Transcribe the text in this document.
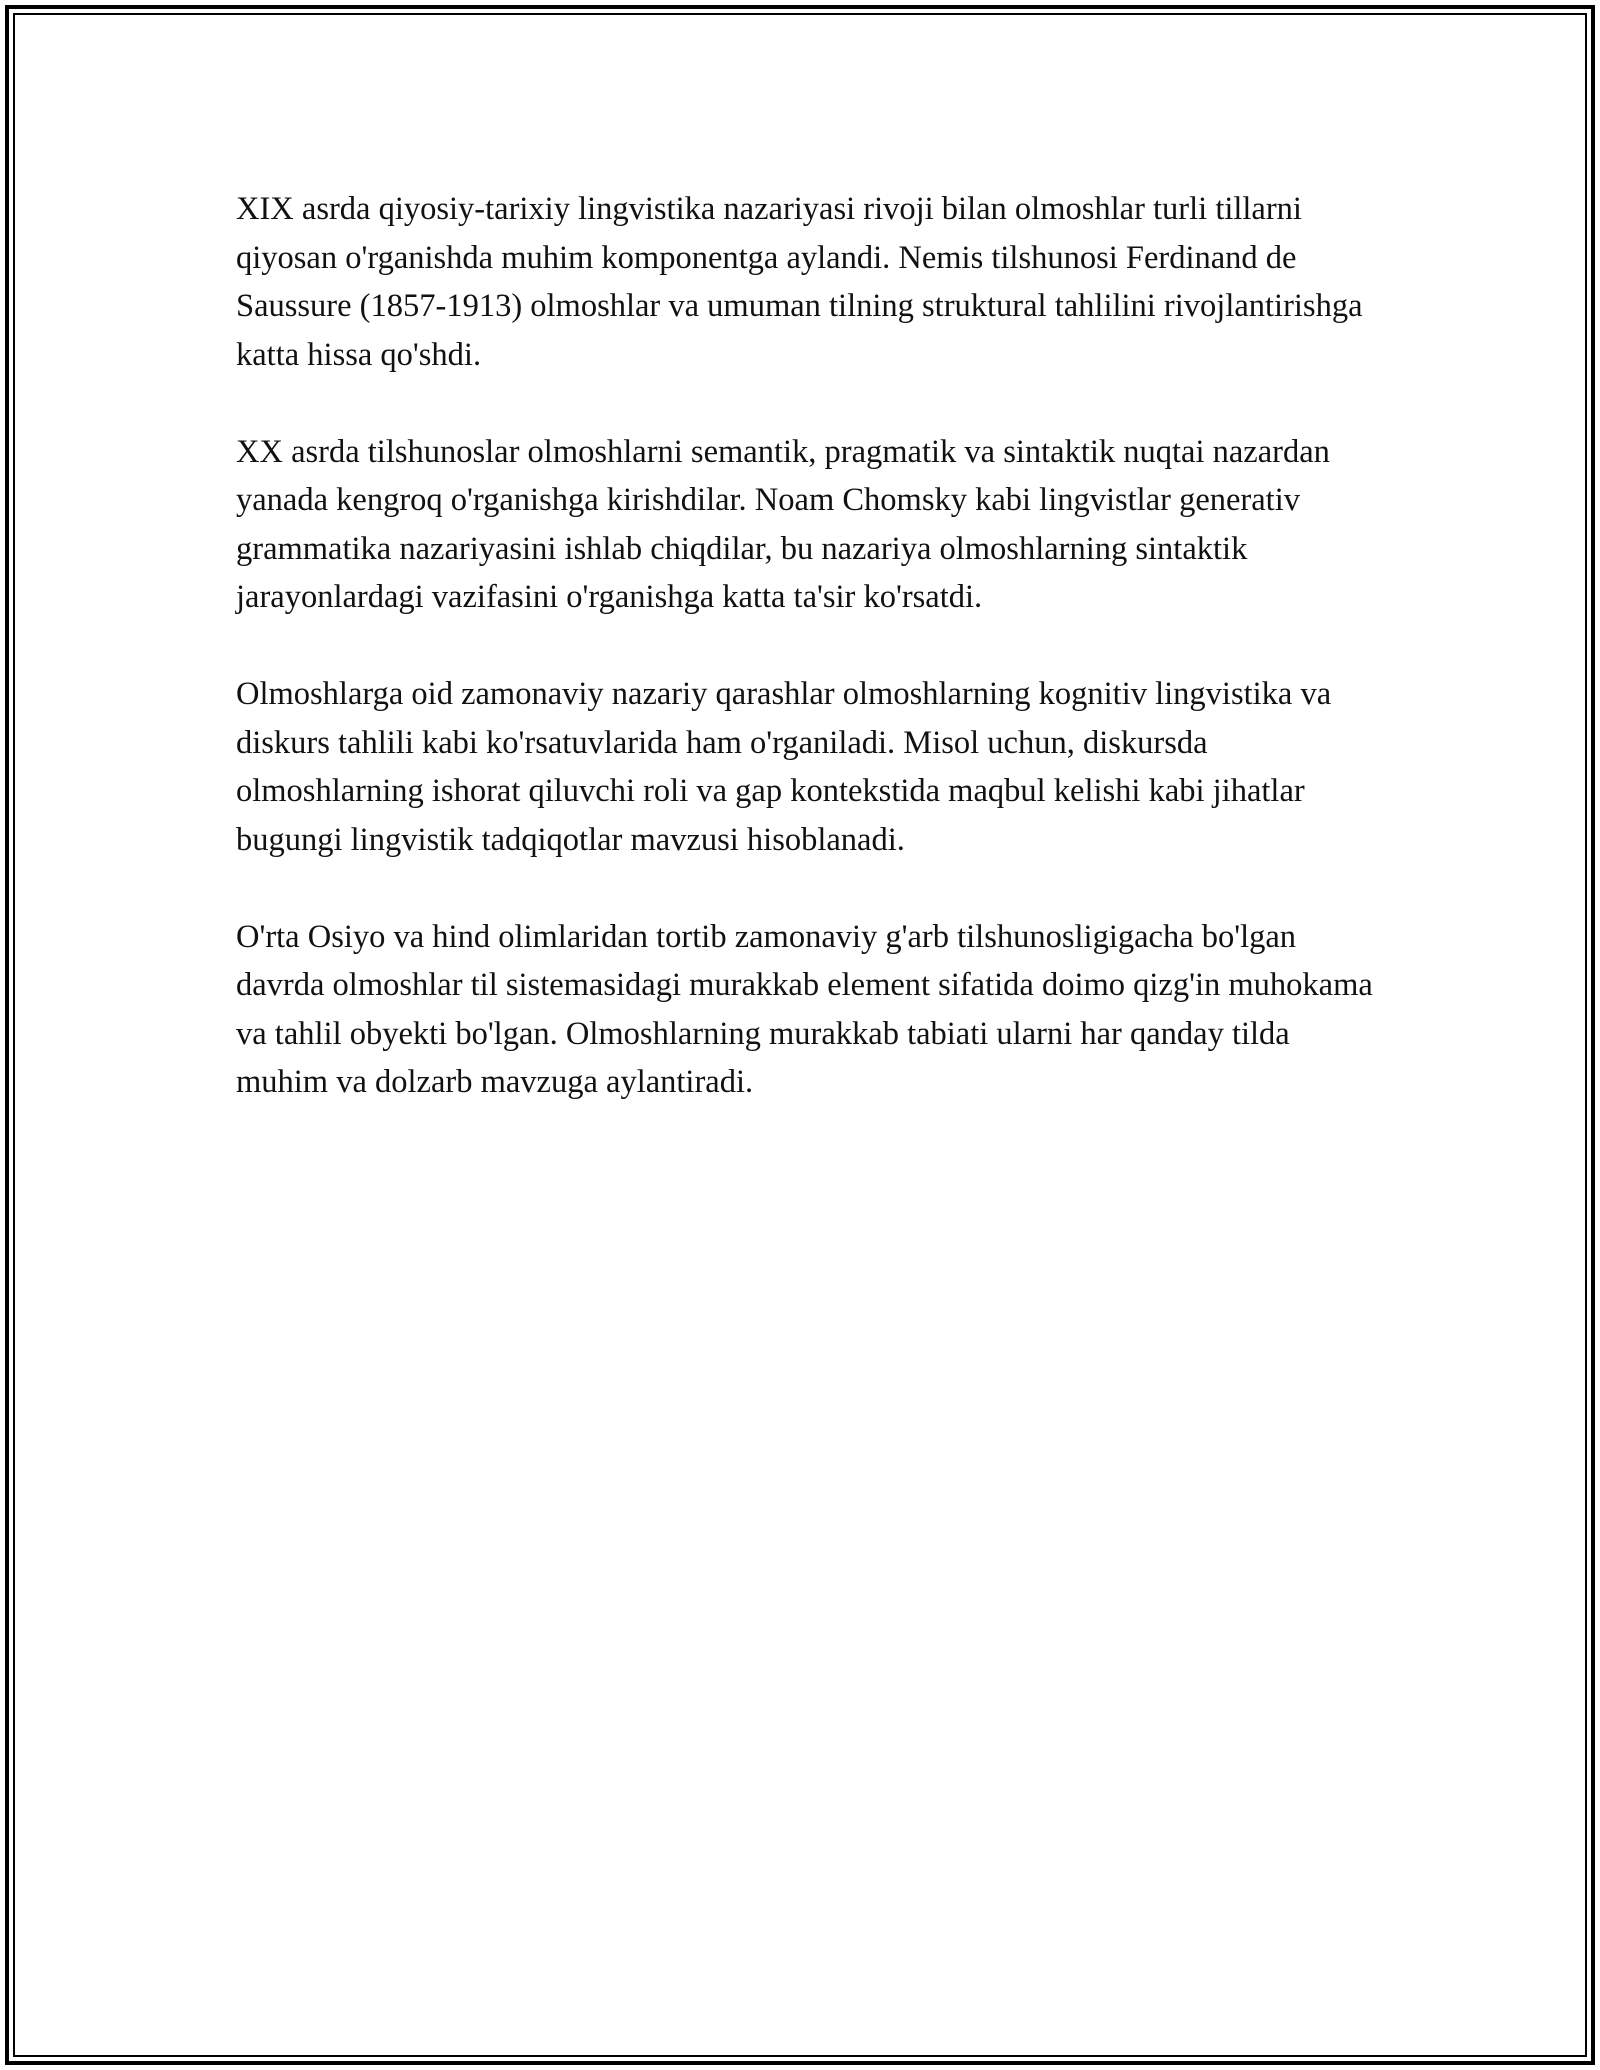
XIX asrda qiyosiy-tarixiy lingvistika nazariyasi rivoji bilan olmoshlar turli tillarni qiyosan o'rganishda muhim komponentga aylandi. Nemis tilshunosi Ferdinand de Saussure (1857-1913) olmoshlar va umuman tilning struktural tahlilini rivojlantirishga katta hissa qo'shdi.

XX asrda tilshunoslar olmoshlarni semantik, pragmatik va sintaktik nuqtai nazardan yanada kengroq o'rganishga kirishdilar. Noam Chomsky kabi lingvistlar generativ grammatika nazariyasini ishlab chiqdilar, bu nazariya olmoshlarning sintaktik jarayonlardagi vazifasini o'rganishga katta ta'sir ko'rsatdi.

Olmoshlarga oid zamonaviy nazariy qarashlar olmoshlarning kognitiv lingvistika va diskurs tahlili kabi ko'rsatuvlarida ham o'rganiladi. Misol uchun, diskursda olmoshlarning ishorat qiluvchi roli va gap kontekstida maqbul kelishi kabi jihatlar bugungi lingvistik tadqiqotlar mavzusi hisoblanadi.

O'rta Osiyo va hind olimlaridan tortib zamonaviy g'arb tilshunosligigacha bo'lgan davrda olmoshlar til sistemasidagi murakkab element sifatida doimo qizg'in muhokama va tahlil obyekti bo'lgan. Olmoshlarning murakkab tabiati ularni har qanday tilda muhim va dolzarb mavzuga aylantiradi.
